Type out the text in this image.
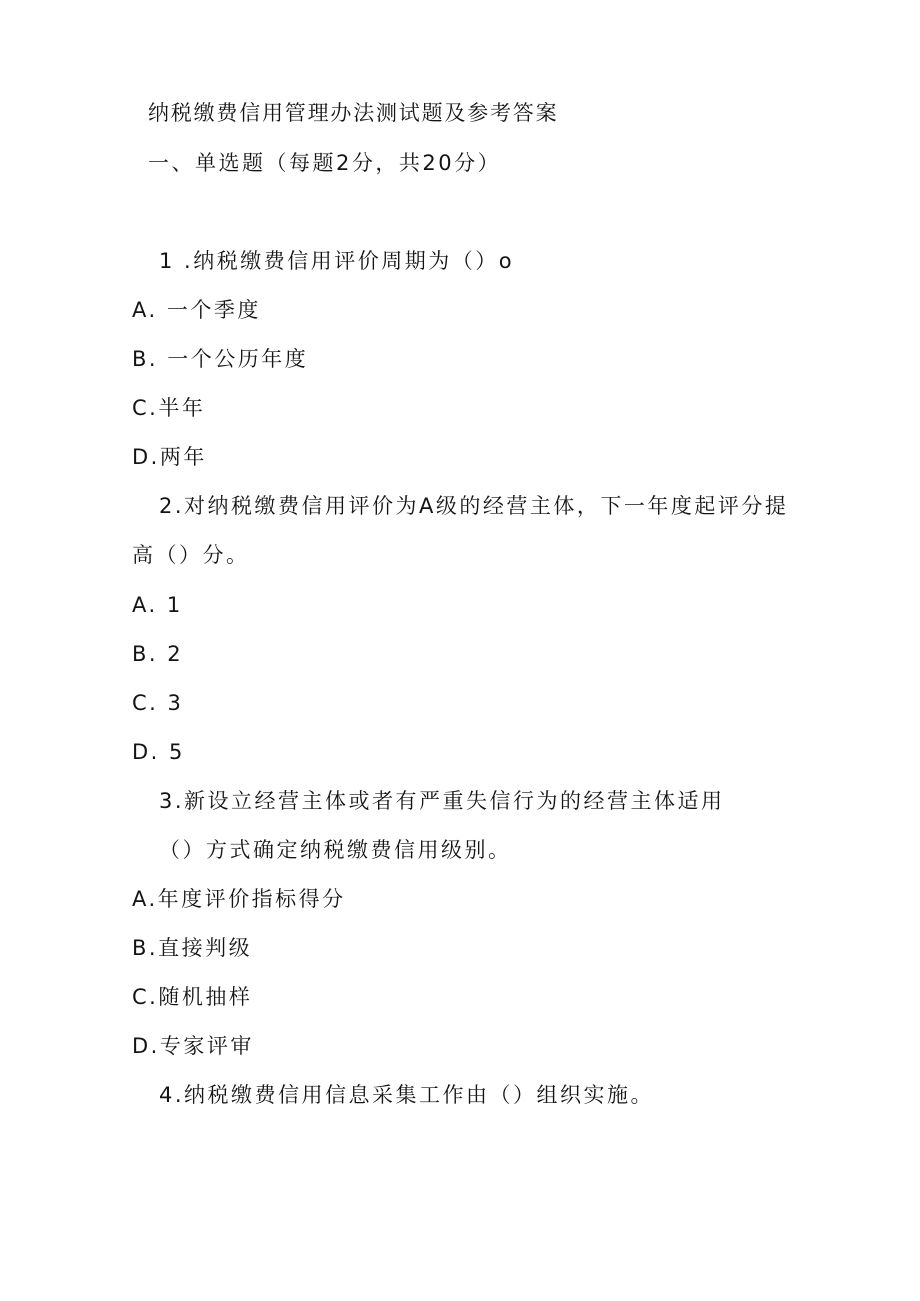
纳税缴费信用管理办法测试题及参考答案
一、单选题（每题2分，共20分）
1 .纳税缴费信用评价周期为（）o
A. 一个季度
B. 一个公历年度
C.半年
D.两年
2.对纳税缴费信用评价为A级的经营主体，下一年度起评分提
高（）分。
A. 1
B. 2
C. 3
D. 5
3.新设立经营主体或者有严重失信行为的经营主体适用
（）方式确定纳税缴费信用级别。
A.年度评价指标得分
B.直接判级
C.随机抽样
D.专家评审
4.纳税缴费信用信息采集工作由（）组织实施。
